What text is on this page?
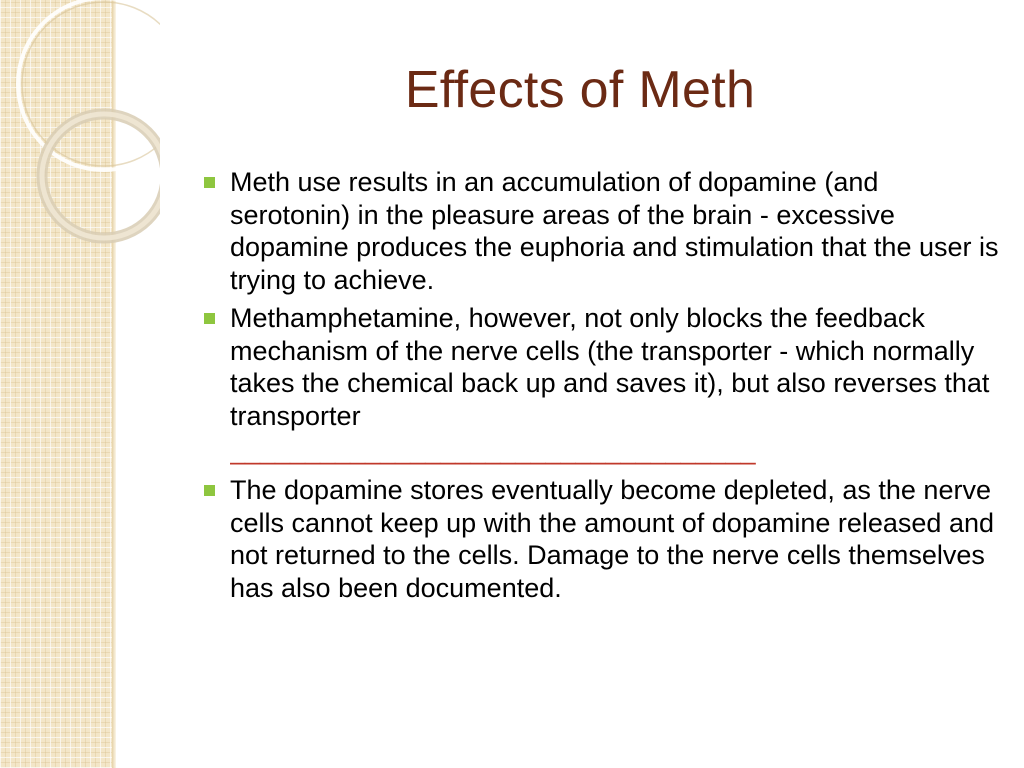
Effects of Meth
Meth use results in an accumulation of dopamine (and serotonin) in the pleasure areas of the brain - excessive dopamine produces the euphoria and stimulation that the user is trying to achieve.
Methamphetamine, however, not only blocks the feedback mechanism of the nerve cells (the transporter - which normally takes the chemical back up and saves it), but also reverses that transporter
___________________________________
The dopamine stores eventually become depleted, as the nerve cells cannot keep up with the amount of dopamine released and not returned to the cells. Damage to the nerve cells themselves has also been documented.
